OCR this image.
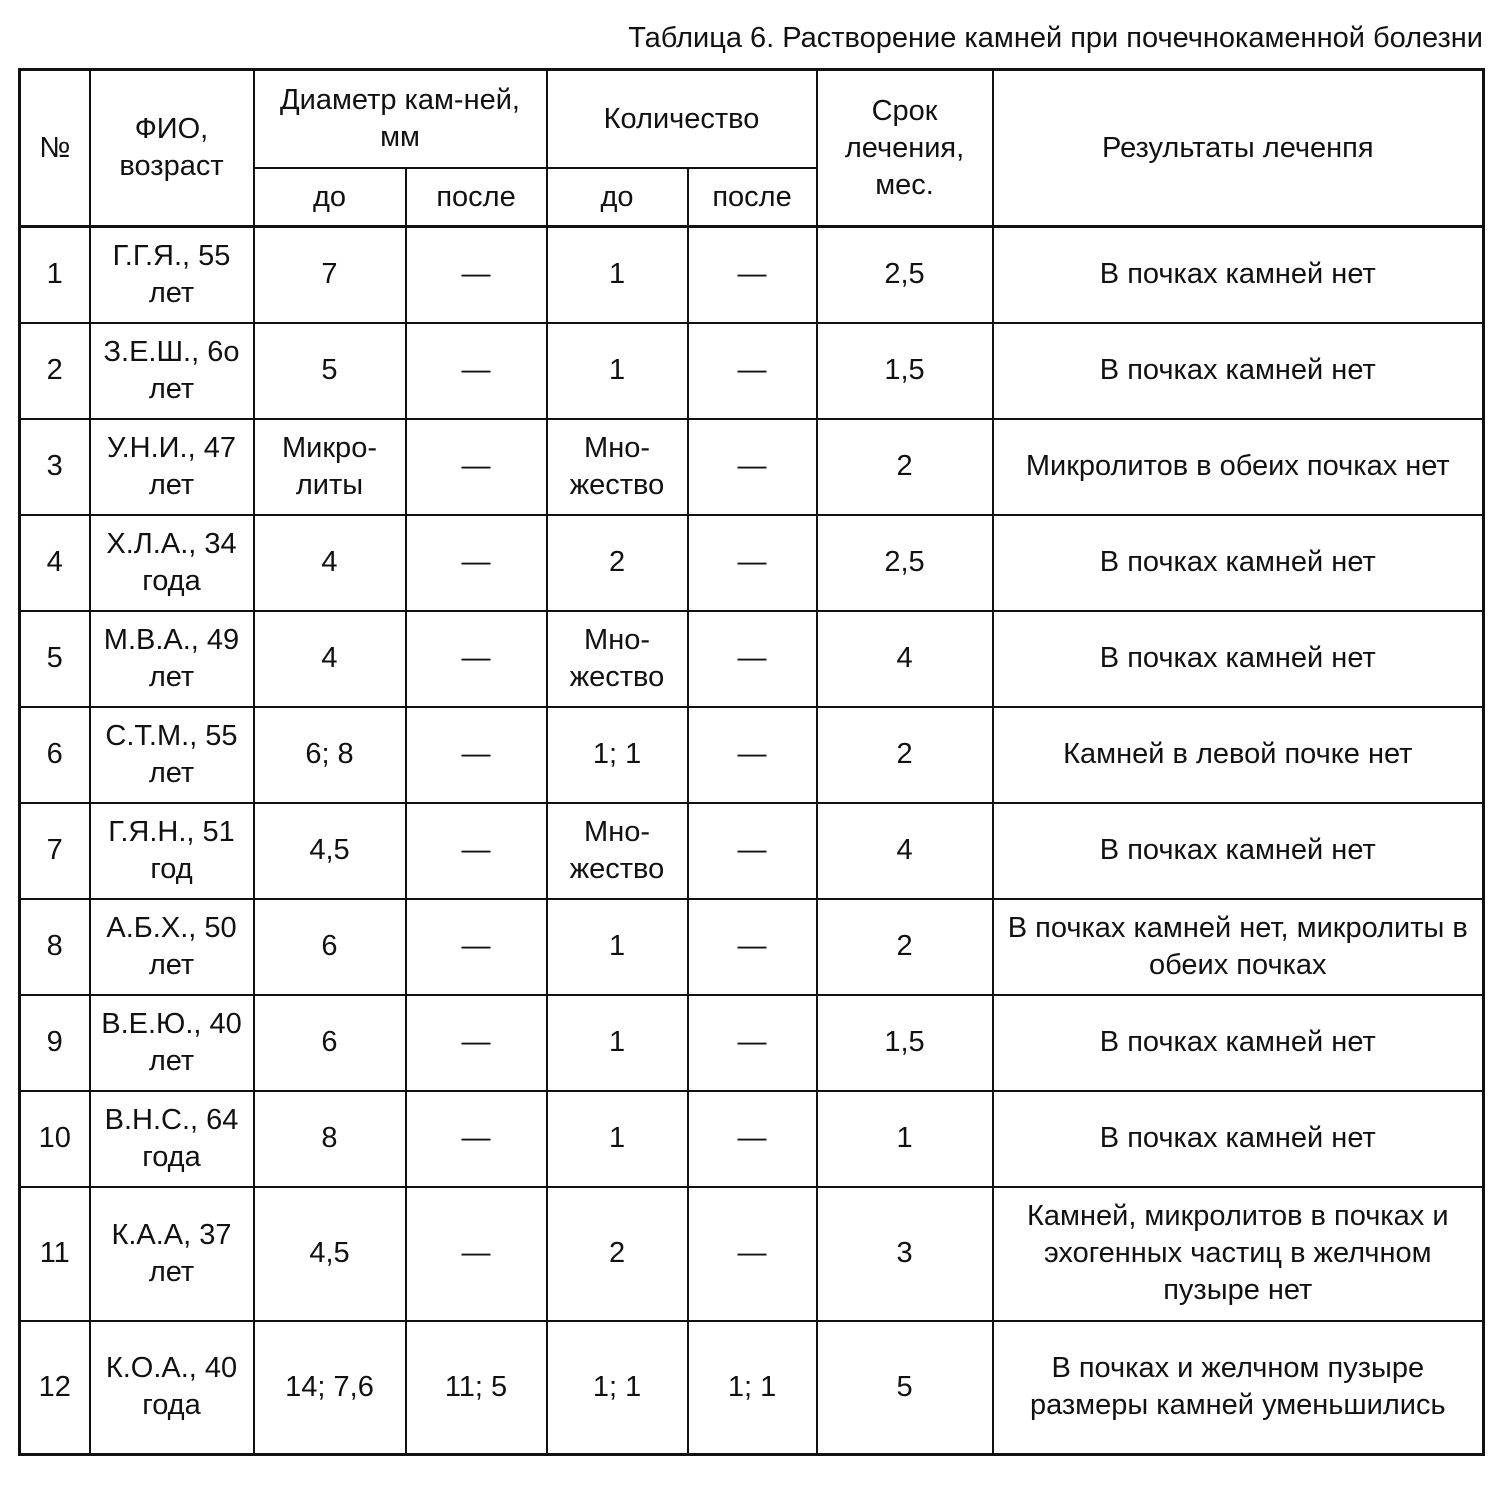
Таблица 6. Растворение камней при почечнокаменной болезни
№	ФИО, возраст	Диаметр кам-ней, мм		Количество		Срок лечения, мес.	Результаты леченпя
		до	после	до	после		
1	Г.Г.Я., 55 лет	7	—	1	—	2,5	В почках камней нет
2	З.Е.Ш., 6о лет	5	—	1	—	1,5	В почках камней нет
3	У.Н.И., 47 лет	Микро-литы	—	Мно-жество	—	2	Микролитов в обеих почках нет
4	Х.Л.А., 34 года	4	—	2	—	2,5	В почках камней нет
5	М.В.А., 49 лет	4	—	Мно-жество	—	4	В почках камней нет
6	С.Т.М., 55 лет	6; 8	—	1; 1	—	2	Камней в левой почке нет
7	Г.Я.Н., 51 год	4,5	—	Мно-жество	—	4	В почках камней нет
8	А.Б.Х., 50 лет	6	—	1	—	2	В почках камней нет, микролиты в обеих почках
9	В.Е.Ю., 40 лет	6	—	1	—	1,5	В почках камней нет
10	В.Н.С., 64 года	8	—	1	—	1	В почках камней нет
11	К.А.А, 37 лет	4,5	—	2	—	3	Камней, микролитов в почках и эхогенных частиц в желчном пузыре нет
12	К.О.А., 40 года	14; 7,6	11; 5	1; 1	1; 1	5	В почках и желчном пузыре размеры камней уменьшились
